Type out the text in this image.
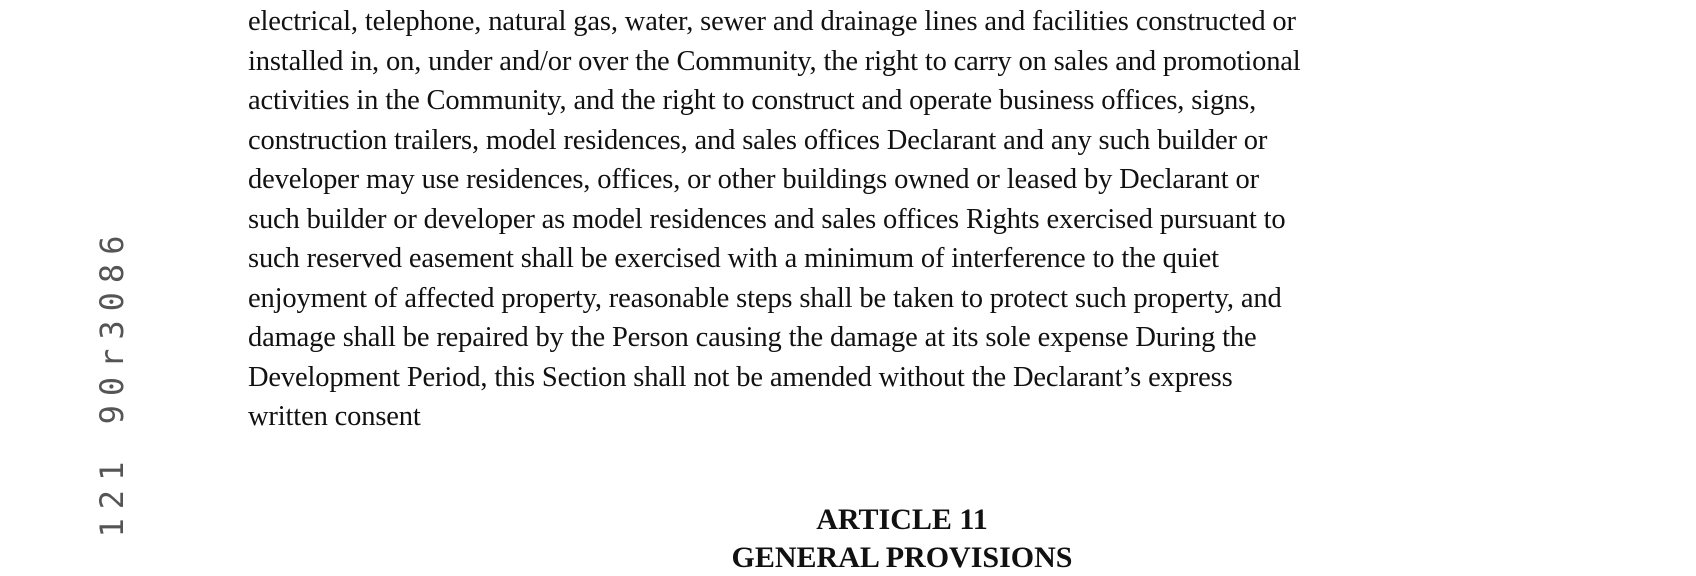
121 90r3086
electrical, telephone, natural gas, water, sewer and drainage lines and facilities constructed or
installed in, on, under and/or over the Community, the right to carry on sales and promotional
activities in the Community, and the right to construct and operate business offices, signs,
construction trailers, model residences, and sales offices Declarant and any such builder or
developer may use residences, offices, or other buildings owned or leased by Declarant or
such builder or developer as model residences and sales offices Rights exercised pursuant to
such reserved easement shall be exercised with a minimum of interference to the quiet
enjoyment of affected property, reasonable steps shall be taken to protect such property, and
damage shall be repaired by the Person causing the damage at its sole expense During the
Development Period, this Section shall not be amended without the Declarant’s express
written consent
ARTICLE 11
GENERAL PROVISIONS
